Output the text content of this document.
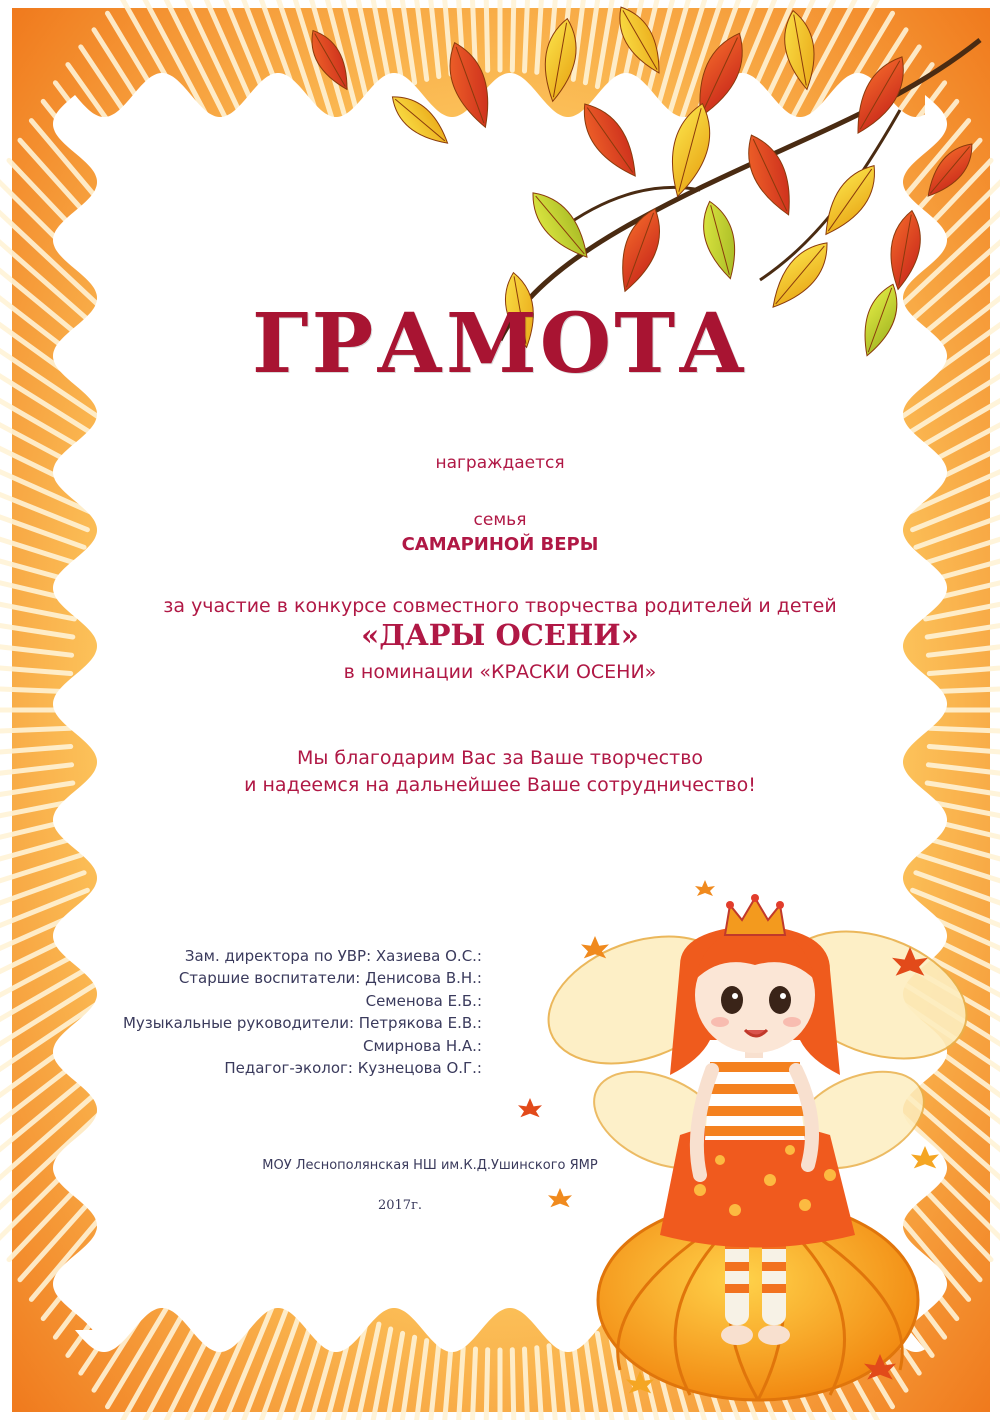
ГРАМОТА
награждается
семья
САМАРИНОЙ ВЕРЫ
за участие в конкурсе совместного творчества родителей и детей
«ДАРЫ ОСЕНИ»
в номинации «КРАСКИ ОСЕНИ»
Мы благодарим Вас за Ваше творчество
и надеемся на дальнейшее Ваше сотрудничество!
Зам. директора по УВР: Хазиева О.С.:
Старшие воспитатели: Денисова В.Н.:
Семенова Е.Б.:
Музыкальные руководители: Петрякова Е.В.:
Смирнова Н.А.:
Педагог-эколог: Кузнецова О.Г.:
МОУ Леснополянская НШ им.К.Д.Ушинского ЯМР
2017г.
